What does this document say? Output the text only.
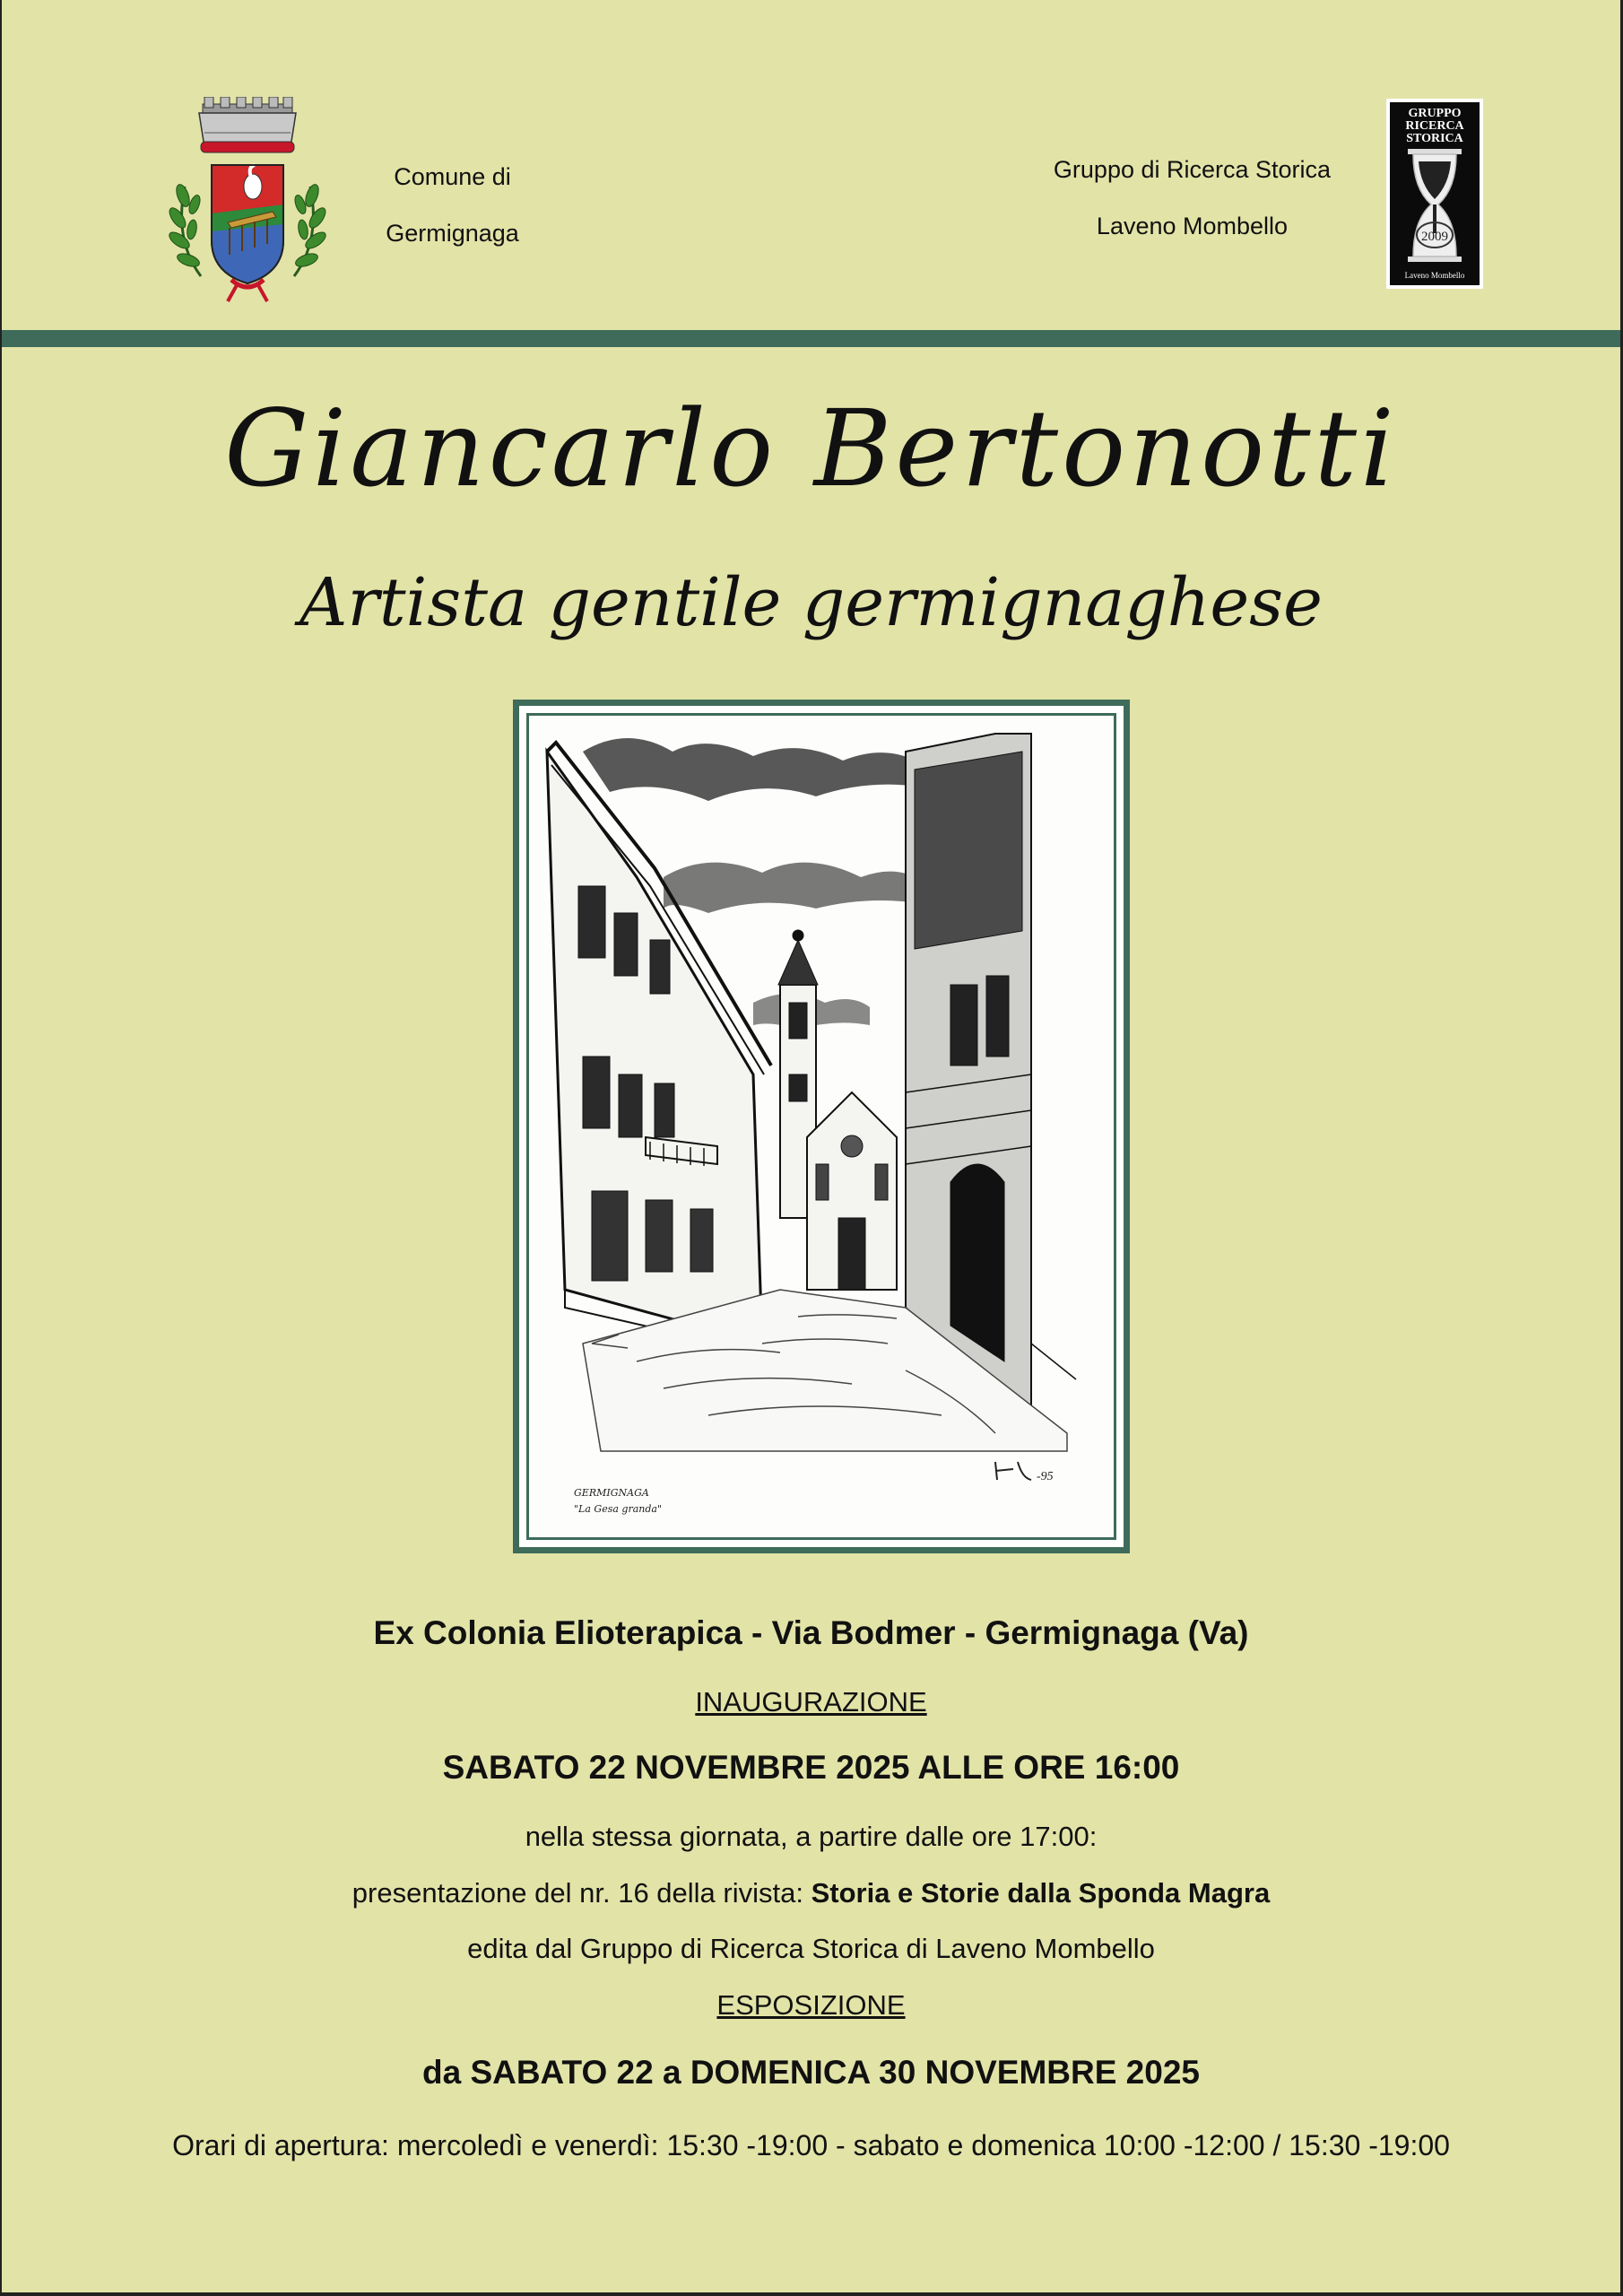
Comune di
Germignaga
Gruppo di Ricerca Storica
Laveno Mombello
GRUPPO
RICERCA
STORICA
2009
Laveno Mombello
Giancarlo Bertonotti
Artista gentile germignaghese
-95
GERMIGNAGA
"La Gesa granda"
Ex Colonia Elioterapica - Via Bodmer - Germignaga (Va)
INAUGURAZIONE
SABATO 22 NOVEMBRE 2025 ALLE ORE 16:00
nella stessa giornata, a partire dalle ore 17:00:
presentazione del nr. 16 della rivista: Storia e Storie dalla Sponda Magra
edita dal Gruppo di Ricerca Storica di Laveno Mombello
ESPOSIZIONE
da SABATO 22 a DOMENICA 30 NOVEMBRE 2025
Orari di apertura: mercoledì e venerdì: 15:30 -19:00 - sabato e domenica 10:00 -12:00 / 15:30 -19:00
